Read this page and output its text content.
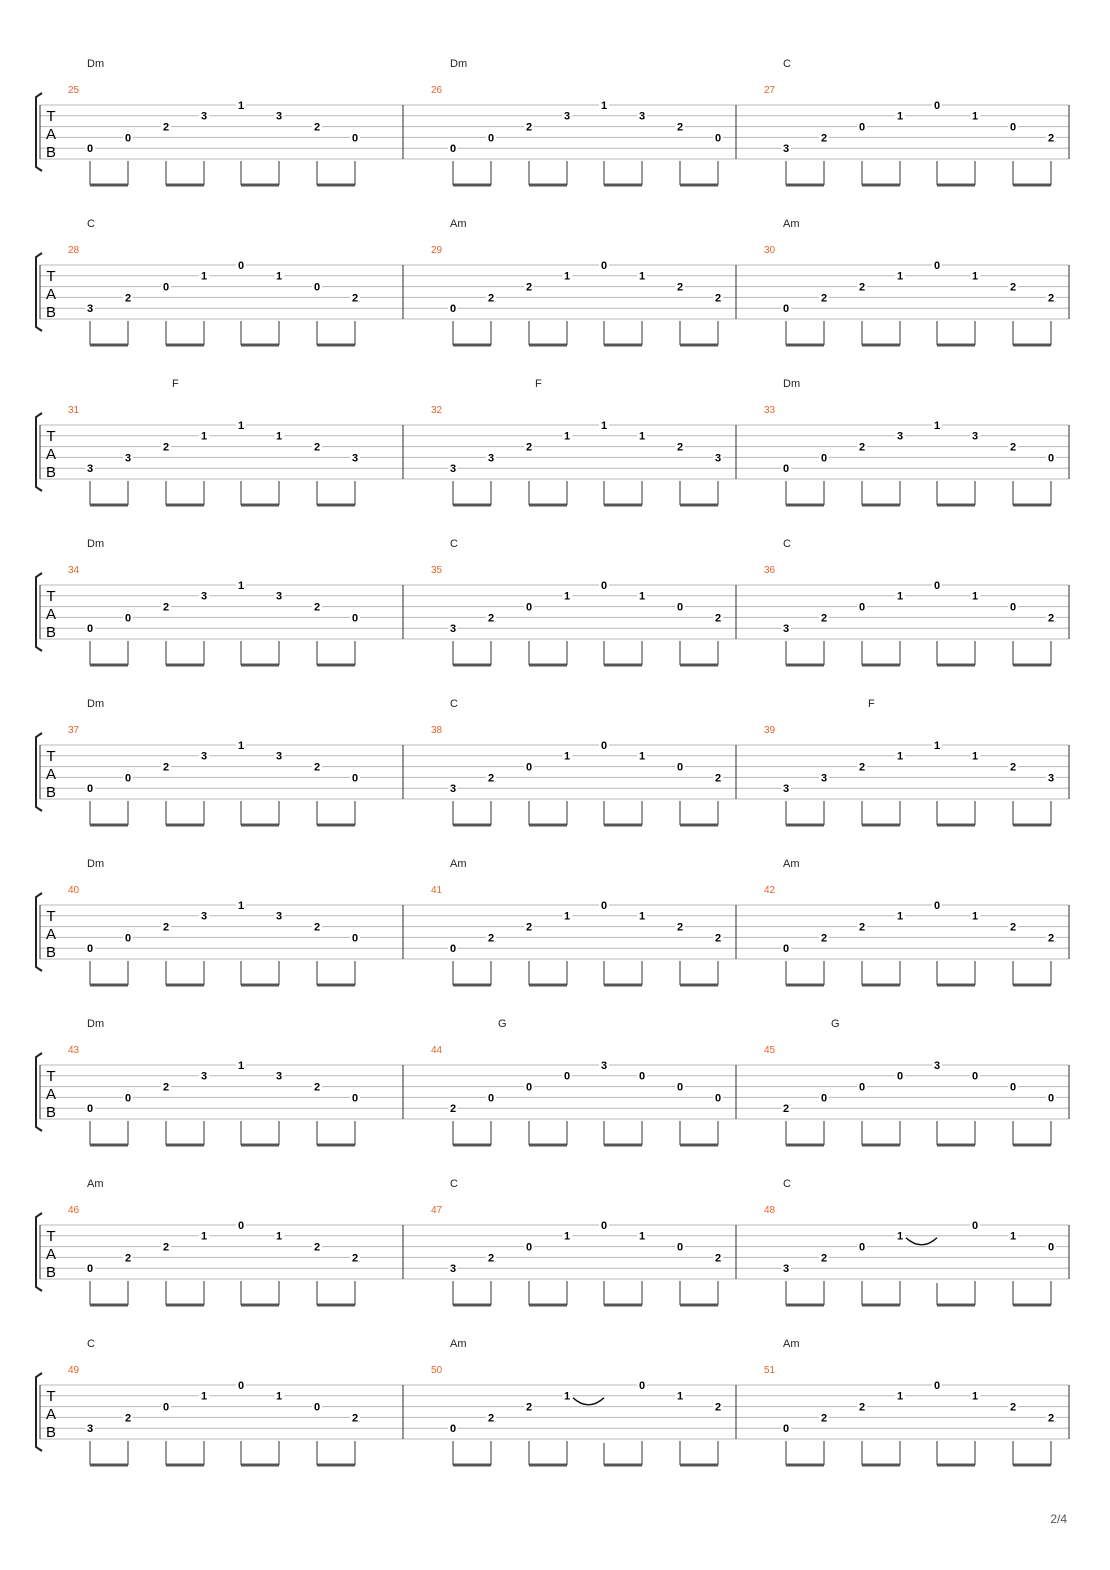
T
A
B
25
Dm
0
0
2
3
1
3
2
0
26
Dm
0
0
2
3
1
3
2
0
27
C
3
2
0
1
0
1
0
2
T
A
B
28
C
3
2
0
1
0
1
0
2
29
Am
0
2
2
1
0
1
2
2
30
Am
0
2
2
1
0
1
2
2
T
A
B
31
F
3
3
2
1
1
1
2
3
32
F
3
3
2
1
1
1
2
3
33
Dm
0
0
2
3
1
3
2
0
T
A
B
34
Dm
0
0
2
3
1
3
2
0
35
C
3
2
0
1
0
1
0
2
36
C
3
2
0
1
0
1
0
2
T
A
B
37
Dm
0
0
2
3
1
3
2
0
38
C
3
2
0
1
0
1
0
2
39
F
3
3
2
1
1
1
2
3
T
A
B
40
Dm
0
0
2
3
1
3
2
0
41
Am
0
2
2
1
0
1
2
2
42
Am
0
2
2
1
0
1
2
2
T
A
B
43
Dm
0
0
2
3
1
3
2
0
44
G
2
0
0
0
3
0
0
0
45
G
2
0
0
0
3
0
0
0
T
A
B
46
Am
0
2
2
1
0
1
2
2
47
C
3
2
0
1
0
1
0
2
48
C
3
2
0
1
0
1
0
T
A
B
49
C
3
2
0
1
0
1
0
2
50
Am
0
2
2
1
0
1
2
51
Am
0
2
2
1
0
1
2
2
2/4
